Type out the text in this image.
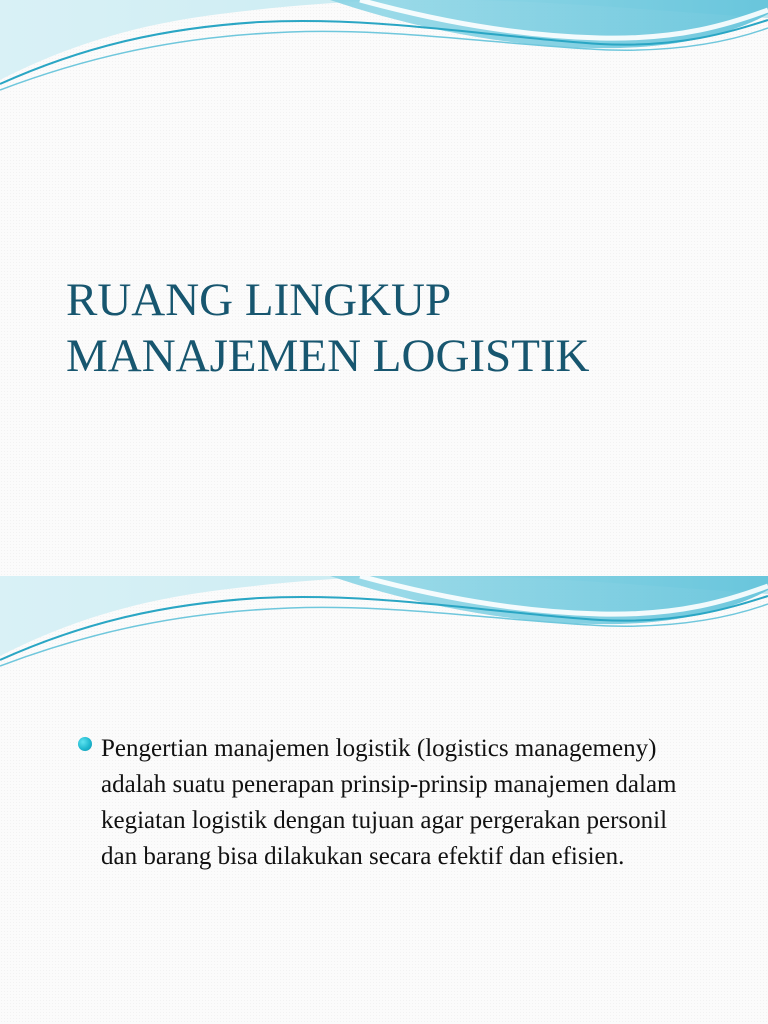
RUANG LINGKUP
MANAJEMEN LOGISTIK

Pengertian manajemen logistik (logistics managemeny) adalah suatu penerapan prinsip-prinsip manajemen dalam kegiatan logistik dengan tujuan agar pergerakan personil dan barang bisa dilakukan secara efektif dan efisien.
